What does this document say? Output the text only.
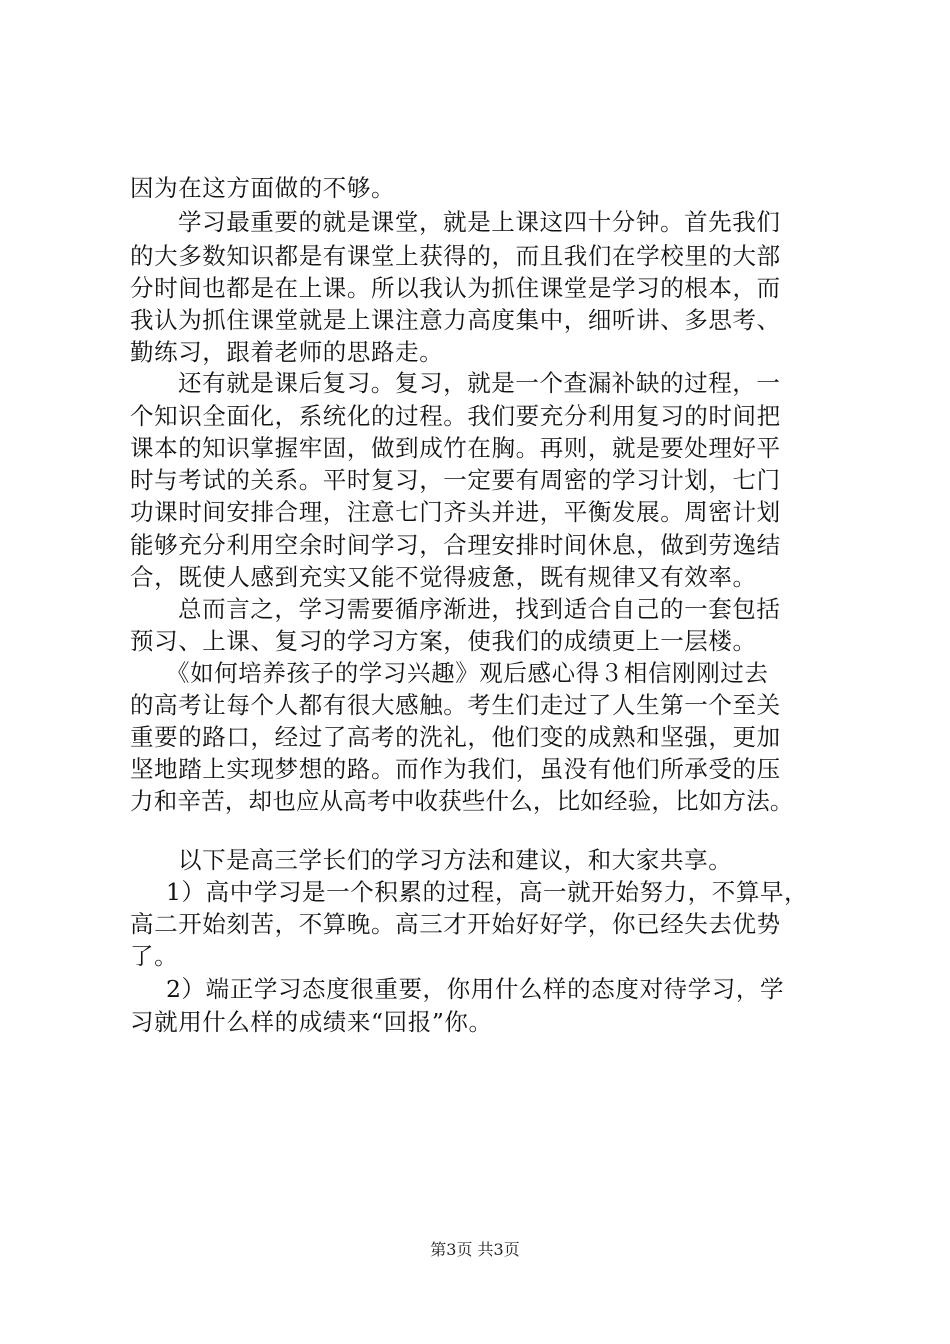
因为在这方面做的不够。
学习最重要的就是课堂，就是上课这四十分钟。首先我们
的大多数知识都是有课堂上获得的，而且我们在学校里的大部
分时间也都是在上课。所以我认为抓住课堂是学习的根本，而
我认为抓住课堂就是上课注意力高度集中，细听讲、多思考、
勤练习，跟着老师的思路走。
还有就是课后复习。复习，就是一个查漏补缺的过程，一
个知识全面化，系统化的过程。我们要充分利用复习的时间把
课本的知识掌握牢固，做到成竹在胸。再则，就是要处理好平
时与考试的关系。平时复习，一定要有周密的学习计划，七门
功课时间安排合理，注意七门齐头并进，平衡发展。周密计划
能够充分利用空余时间学习，合理安排时间休息，做到劳逸结
合，既使人感到充实又能不觉得疲惫，既有规律又有效率。
总而言之，学习需要循序渐进，找到适合自己的一套包括
预习、上课、复习的学习方案，使我们的成绩更上一层楼。
《如何培养孩子的学习兴趣》观后感心得３相信刚刚过去
的高考让每个人都有很大感触。考生们走过了人生第一个至关
重要的路口，经过了高考的洗礼，他们变的成熟和坚强，更加
坚地踏上实现梦想的路。而作为我们，虽没有他们所承受的压
力和辛苦，却也应从高考中收获些什么，比如经验，比如方法。
以下是高三学长们的学习方法和建议，和大家共享。
1）高中学习是一个积累的过程，高一就开始努力，不算早，
高二开始刻苦，不算晚。高三才开始好好学，你已经失去优势
了。
2）端正学习态度很重要，你用什么样的态度对待学习，学
习就用什么样的成绩来“回报”你。
第3页 共3页
